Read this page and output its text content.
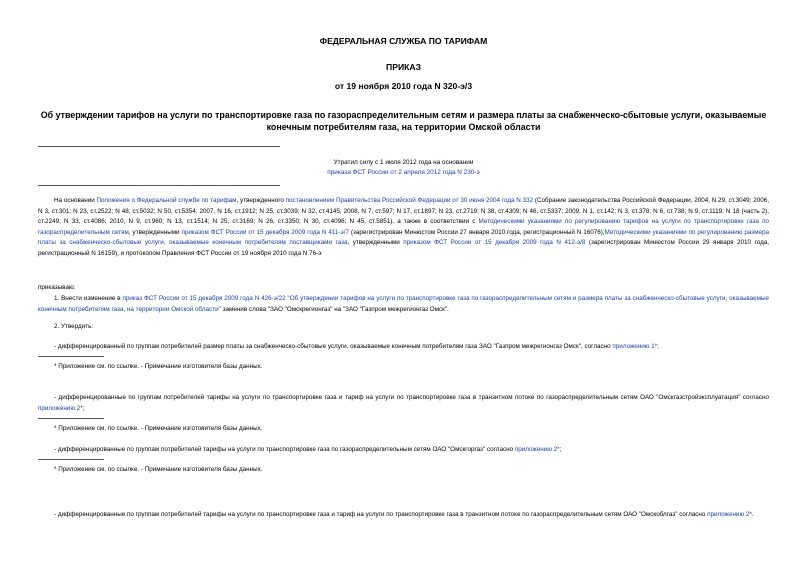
ФЕДЕРАЛЬНАЯ СЛУЖБА ПО ТАРИФАМ
ПРИКАЗ
от 19 ноября 2010 года N 320-э/3
Об утверждении тарифов на услуги по транспортировке газа по газораспределительным сетям и размера платы за снабженческо-сбытовые услуги, оказываемые конечным потребителям газа, на территории Омской области
Утратил силу с 1 июля 2012 года на основании
приказа ФСТ России от 2 апреля 2012 года N 230-э
На основании Положения о Федеральной службе по тарифам, утвержденного постановлением Правительства Российской Федерации от 30 июня 2004 года N 332 (Собрание законодательства Российской Федерации, 2004, N 29, ст.3049; 2006, N 3, ст.301; N 23, ст.2522; N 48, ст.5032; N 50, ст.5354; 2007, N 16, ст.1912; N 25, ст.3039; N 32, ст.4145; 2008, N 7, ст.597; N 17, ст.1897; N 23, ст.2719; N 38, ст.4309; N 46, ст.5337; 2009, N 1, ст.142; N 3, ст.378; N 6, ст.738; N 9, ст.1119; N 18 (часть 2), ст.2249; N 33, ст.4086; 2010, N 9, ст.960; N 13, ст.1514; N 25, ст.3169; N 26, ст.3350; N 30, ст.4096; N 45, ст.5851), а также в соответствии с Методическими указаниями по регулированию тарифов на услуги по транспортировке газа по газораспределительным сетям, утвержденными приказом ФСТ России от 15 декабря 2009 года N 411-э/7 (зарегистрирован Минюстом России 27 января 2010 года, регистрационный N 16076),Методическими указаниями по регулированию размера платы за снабженческо-сбытовые услуги, оказываемые конечным потребителям поставщиками газа, утвержденными приказом ФСТ России от 15 декабря 2009 года N 412-э/8 (зарегистрирован Минюстом России 29 января 2010 года, регистрационный N 16159), и протоколом Правления ФСТ России от 19 ноября 2010 года N 76-э
приказываю:
1. Внести изменение в приказ ФСТ России от 15 декабря 2009 года N 426-э/22 "Об утверждении тарифов на услуги по транспортировке газа по газораспределительным сетям и размера платы за снабженческо-сбытовые услуги, оказываемые конечным потребителям газа, на территории Омской области" заменив слова "ЗАО "Омскрегионгаз" на "ЗАО "Газпром межрегионгаз Омск".
2. Утвердить:
- дифференцированный по группам потребителей размер платы за снабженческо-сбытовые услуги, оказываемые конечным потребителям газа ЗАО "Газпром межрегионгаз Омск", согласно приложению 1*;
* Приложение см. по ссылке. - Примечание изготовителя базы данных.
- дифференцированные по группам потребителей тарифы на услуги по транспортировке газа и тариф на услуги по транспортировке газа в транзитном потоке по газораспределительным сетям ОАО "Омскгазстройэксплуатация" согласно приложению 2*;
* Приложение см. по ссылке. - Примечание изготовителя базы данных.
- дифференцированные по группам потребителей тарифы на услуги по транспортировке газа по газораспределительным сетям ОАО "Омскгоргаз" согласно приложению 2*;
* Приложение см. по ссылке. - Примечание изготовителя базы данных.
- дифференцированные по группам потребителей тарифы на услуги по транспортировке газа и тариф на услуги по транспортировке газа в транзитном потоке по газораспределительным сетям ОАО "Омскоблгаз" согласно приложению 2*.
